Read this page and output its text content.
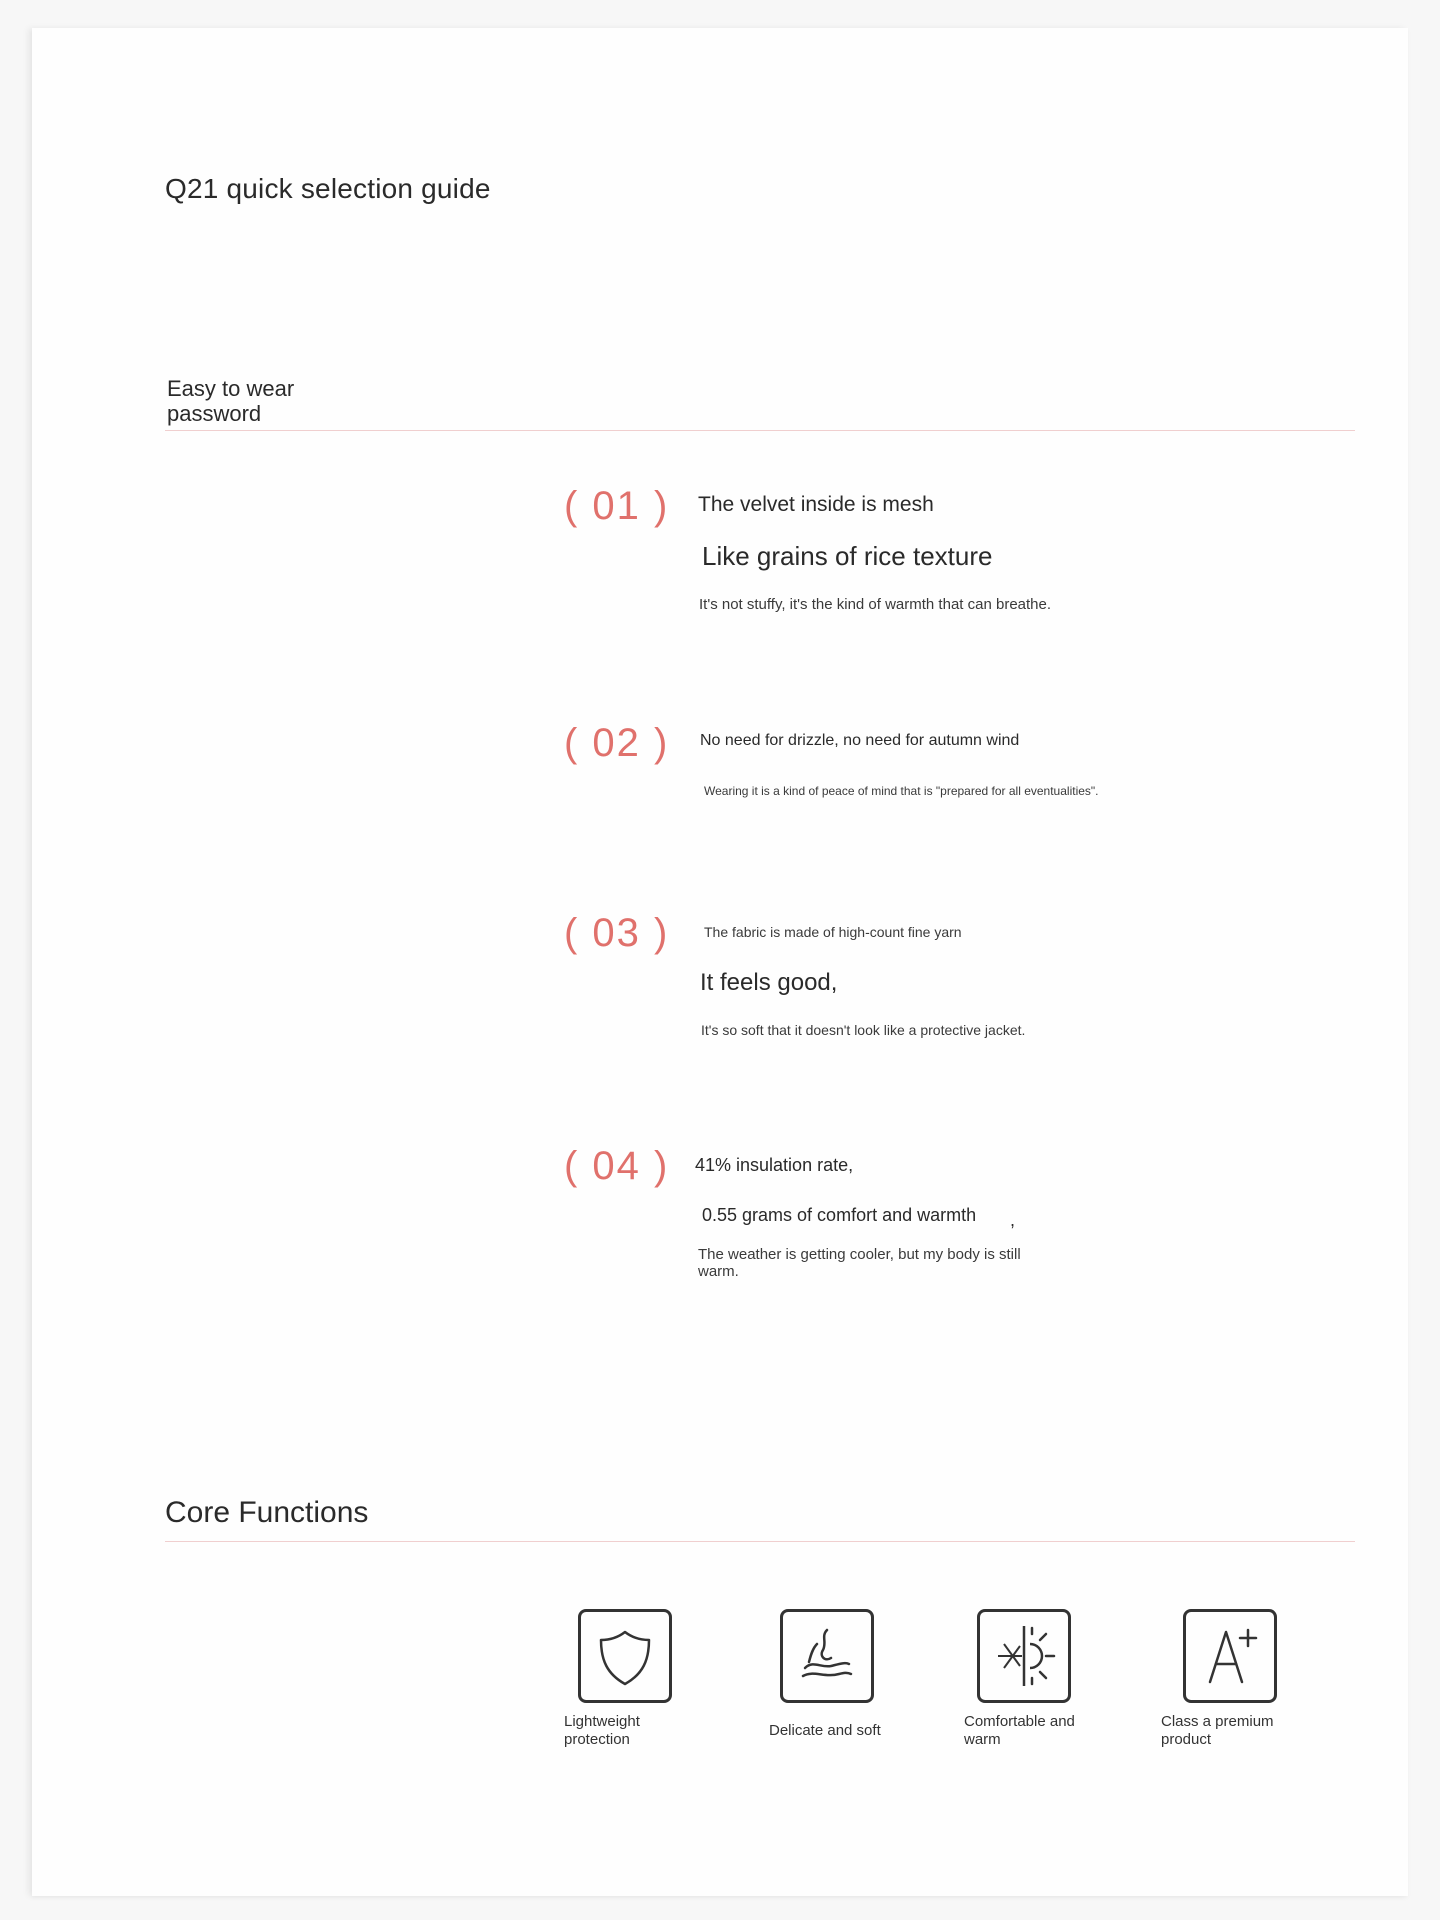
Q21 quick selection guide
Easy to wear password
( 01 ) The velvet inside is mesh
Like grains of rice texture
It's not stuffy, it's the kind of warmth that can breathe.
( 02 ) No need for drizzle, no need for autumn wind
Wearing it is a kind of peace of mind that is "prepared for all eventualities".
( 03 ) The fabric is made of high-count fine yarn
It feels good,
It's so soft that it doesn't look like a protective jacket.
( 04 ) 41% insulation rate,
0.55 grams of comfort and warmth ,
The weather is getting cooler, but my body is still warm.
Core Functions
Lightweight protection
Delicate and soft
Comfortable and warm
Class a premium product
